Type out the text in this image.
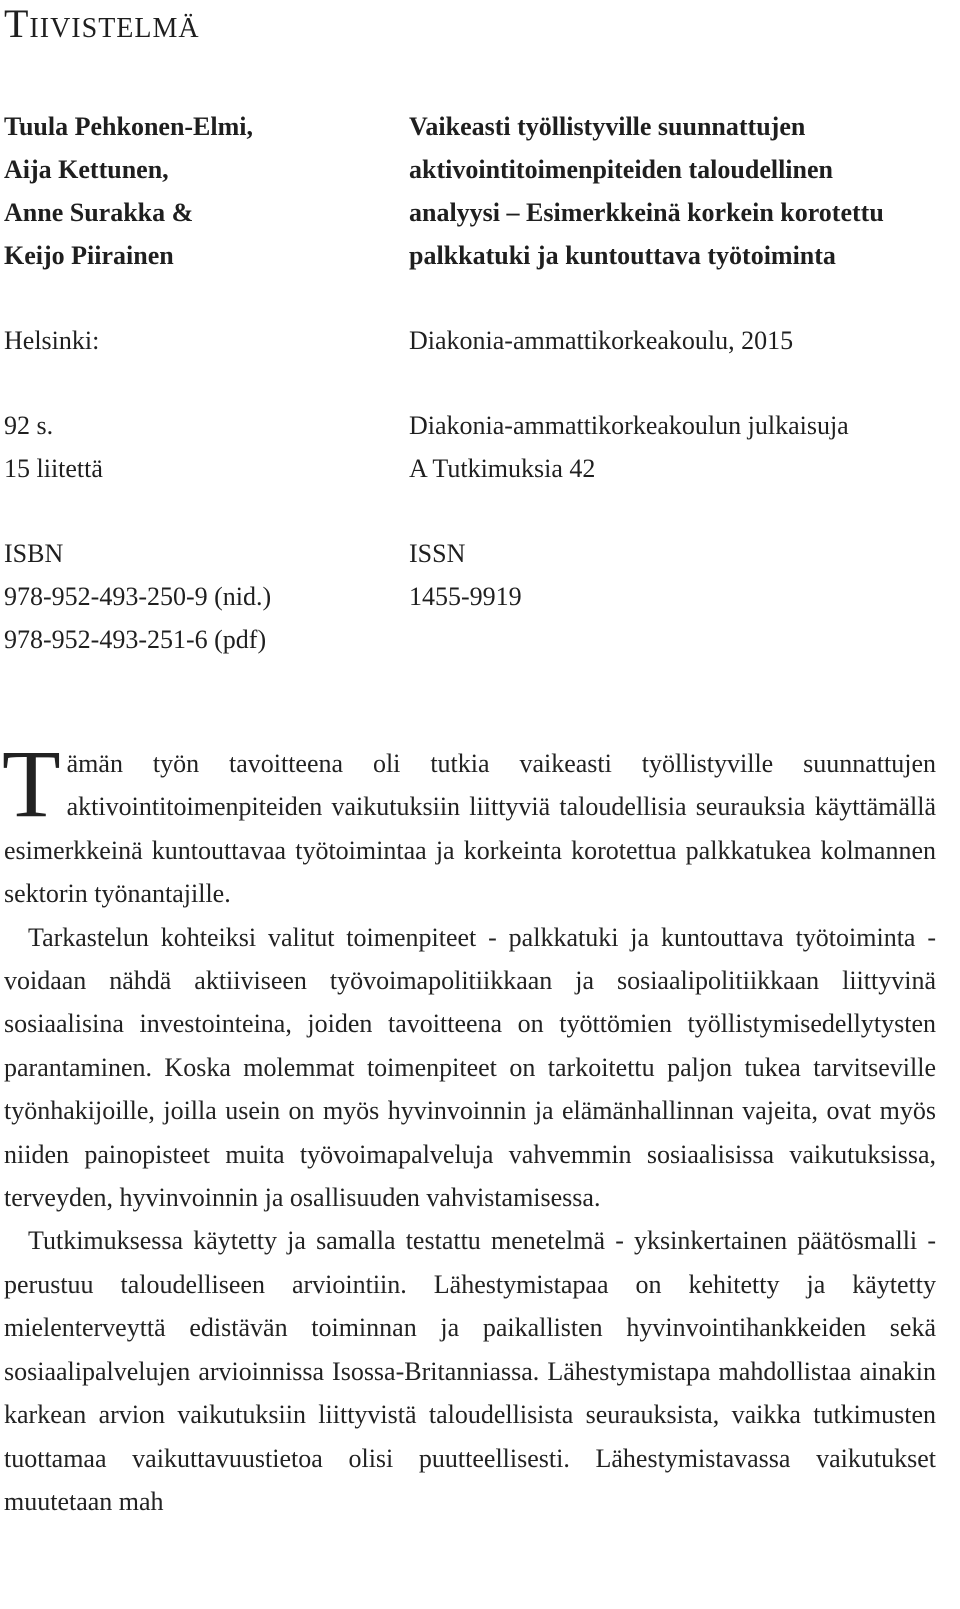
Tiivistelmä
Tuula Pehkonen-Elmi,
Aija Kettunen,
Anne Surakka &
Keijo Piirainen
Vaikeasti työllistyville suunnattujen
aktivointitoimenpiteiden taloudellinen
analyysi – Esimerkkeinä korkein korotettu
palkkatuki ja kuntouttava työtoiminta
Helsinki:	Diakonia-ammattikorkeakoulu, 2015
92 s.
15 liitettä
Diakonia-ammattikorkeakoulun julkaisuja
A Tutkimuksia 42
ISBN
978-952-493-250-9 (nid.)
978-952-493-251-6 (pdf)
ISSN
1455-9919

Tämän työn tavoitteena oli tutkia vaikeasti työllistyville suunnattujen aktivointitoimenpiteiden vaikutuksiin liittyviä taloudellisia seurauksia käyttämällä esimerkkeinä kuntouttavaa työtoimintaa ja korkeinta korotettua palkkatukea kolmannen sektorin työnantajille.

Tarkastelun kohteiksi valitut toimenpiteet - palkkatuki ja kuntouttava työtoiminta - voidaan nähdä aktiiviseen työvoimapolitiikkaan ja sosiaalipolitiikkaan liittyvinä sosiaalisina investointeina, joiden tavoitteena on työttömien työllistymisedellytysten parantaminen. Koska molemmat toimenpiteet on tarkoitettu paljon tukea tarvitseville työnhakijoille, joilla usein on myös hyvinvoinnin ja elämänhallinnan vajeita, ovat myös niiden painopisteet muita työvoimapalveluja vahvemmin sosiaalisissa vaikutuksissa, terveyden, hyvinvoinnin ja osallisuuden vahvistamisessa.

Tutkimuksessa käytetty ja samalla testattu menetelmä - yksinkertainen päätösmalli - perustuu taloudelliseen arviointiin. Lähestymistapaa on kehitetty ja käytetty mielenterveyttä edistävän toiminnan ja paikallisten hyvinvointihankkeiden sekä sosiaalipalvelujen arvioinnissa Isossa-Britanniassa. Lähestymistapa mahdollistaa ainakin karkean arvion vaikutuksiin liittyvistä taloudellisista seurauksista, vaikka tutkimusten tuottamaa vaikuttavuustietoa olisi puutteellisesti. Lähestymistavassa vaikutukset muutetaan mah
